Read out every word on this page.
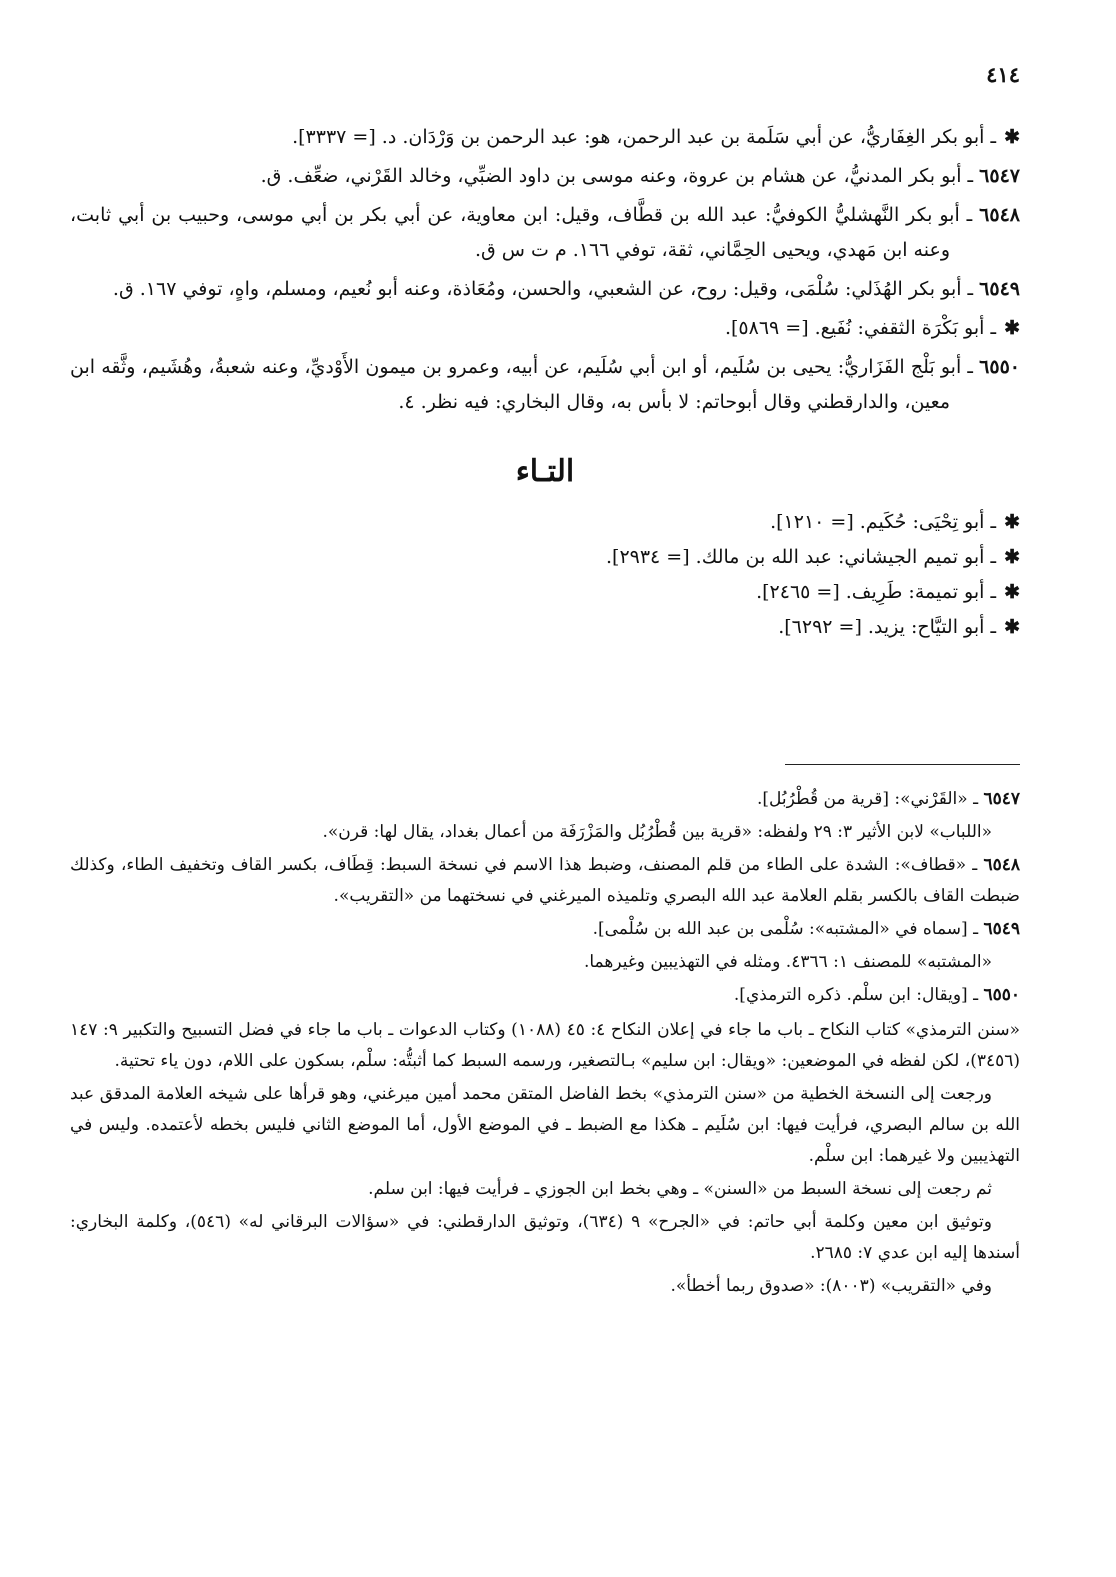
٤١٤

✱ ـ أبو بكر الغِفَاريُّ، عن أبي سَلَمة بن عبد الرحمن، هو: عبد الرحمن بن وَرْدَان. د. [= ٣٣٣٧].

٦٥٤٧ ـ أبو بكر المدنيُّ، عن هشام بن عروة، وعنه موسى بن داود الضبِّي، وخالد القَرْني، ضعِّف. ق.

٦٥٤٨ ـ أبو بكر النَّهشليُّ الكوفيُّ: عبد الله بن قطَّاف، وقيل: ابن معاوية، عن أبي بكر بن أبي موسى، وحبيب بن أبي ثابت، وعنه ابن مَهدي، ويحيى الحِمَّاني، ثقة، توفي ١٦٦. م ت س ق.

٦٥٤٩ ـ أبو بكر الهُذَلي: سُلْمَى، وقيل: روح، عن الشعبي، والحسن، ومُعَاذة، وعنه أبو نُعيم، ومسلم، واهٍ، توفي ١٦٧. ق.

✱ ـ أبو بَكْرَة الثقفي: نُفَيع. [= ٥٨٦٩].

٦٥٥٠ ـ أبو بَلْج الفَزَاريُّ: يحيى بن سُلَيم، أو ابن أبي سُلَيم، عن أبيه، وعمرو بن ميمون الأَوْديِّ، وعنه شعبةُ، وهُشَيم، وثَّقه ابن معين، والدارقطني وقال أبوحاتم: لا بأس به، وقال البخاري: فيه نظر. ٤.

التـاء

✱ ـ أبو تِحْيَى: حُكَيم. [= ١٢١٠].

✱ ـ أبو تميم الجيشاني: عبد الله بن مالك. [= ٢٩٣٤].

✱ ـ أبو تميمة: طَرِيف. [= ٢٤٦٥].

✱ ـ أبو التيَّاح: يزيد. [= ٦٢٩٢].

٦٥٤٧ ـ «القَرْني»: [قرية من قُطْرُبُل].

«اللباب» لابن الأثير ٣: ٢٩ ولفظه: «قرية بين قُطْرُبُل والمَزْرَفَة من أعمال بغداد، يقال لها: قرن».

٦٥٤٨ ـ «قطاف»: الشدة على الطاء من قلم المصنف، وضبط هذا الاسم في نسخة السبط: قِطَاف، بكسر القاف وتخفيف الطاء، وكذلك ضبطت القاف بالكسر بقلم العلامة عبد الله البصري وتلميذه الميرغني في نسختهما من «التقريب».

٦٥٤٩ ـ [سماه في «المشتبه»: سُلْمى بن عبد الله بن سُلْمى].

«المشتبه» للمصنف ١: ٤٣٦٦. ومثله في التهذيبين وغيرهما.

٦٥٥٠ ـ [ويقال: ابن سلْم. ذكره الترمذي].

«سنن الترمذي» كتاب النكاح ـ باب ما جاء في إعلان النكاح ٤: ٤٥ (١٠٨٨) وكتاب الدعوات ـ باب ما جاء في فضل التسبيح والتكبير ٩: ١٤٧ (٣٤٥٦)، لكن لفظه في الموضعين: «ويقال: ابن سليم» بـالتصغير، ورسمه السبط كما أثبتُّه: سلْم، بسكون على اللام، دون ياء تحتية.

ورجعت إلى النسخة الخطية من «سنن الترمذي» بخط الفاضل المتقن محمد أمين ميرغني، وهو قرأها على شيخه العلامة المدقق عبد الله بن سالم البصري، فرأيت فيها: ابن سُلَيم ـ هكذا مع الضبط ـ في الموضع الأول، أما الموضع الثاني فليس بخطه لأعتمده. وليس في التهذيبين ولا غيرهما: ابن سلْم.

ثم رجعت إلى نسخة السبط من «السنن» ـ وهي بخط ابن الجوزي ـ فرأيت فيها: ابن سلم.

وتوثيق ابن معين وكلمة أبي حاتم: في «الجرح» ٩ (٦٣٤)، وتوثيق الدارقطني: في «سؤالات البرقاني له» (٥٤٦)، وكلمة البخاري: أسندها إليه ابن عدي ٧: ٢٦٨٥.

وفي «التقريب» (٨٠٠٣): «صدوق ربما أخطأ».
